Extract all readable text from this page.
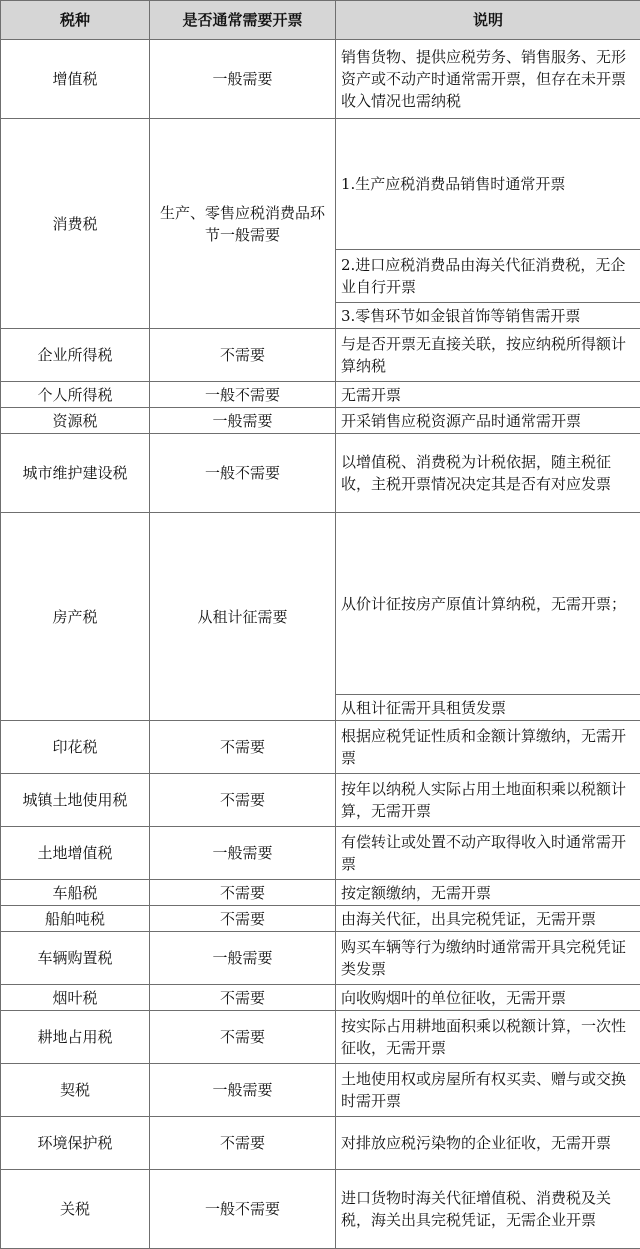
税种	是否通常需要开票	说明
增值税	一般需要	销售货物、提供应税劳务、销售服务、无形资产或不动产时通常需开票，但存在未开票收入情况也需纳税
消费税	生产、零售应税消费品环节一般需要	1.生产应税消费品销售时通常开票
		2.进口应税消费品由海关代征消费税，无企业自行开票
		3.零售环节如金银首饰等销售需开票
企业所得税	不需要	与是否开票无直接关联，按应纳税所得额计算纳税
个人所得税	一般不需要	无需开票
资源税	一般需要	开采销售应税资源产品时通常需开票
城市维护建设税	一般不需要	以增值税、消费税为计税依据，随主税征收，主税开票情况决定其是否有对应发票
房产税	从租计征需要	从价计征按房产原值计算纳税，无需开票；
		从租计征需开具租赁发票
印花税	不需要	根据应税凭证性质和金额计算缴纳，无需开票
城镇土地使用税	不需要	按年以纳税人实际占用土地面积乘以税额计算，无需开票
土地增值税	一般需要	有偿转让或处置不动产取得收入时通常需开票
车船税	不需要	按定额缴纳，无需开票
船舶吨税	不需要	由海关代征，出具完税凭证，无需开票
车辆购置税	一般需要	购买车辆等行为缴纳时通常需开具完税凭证类发票
烟叶税	不需要	向收购烟叶的单位征收，无需开票
耕地占用税	不需要	按实际占用耕地面积乘以税额计算，一次性征收，无需开票
契税	一般需要	土地使用权或房屋所有权买卖、赠与或交换时需开票
环境保护税	不需要	对排放应税污染物的企业征收，无需开票
关税	一般不需要	进口货物时海关代征增值税、消费税及关税，海关出具完税凭证，无需企业开票
